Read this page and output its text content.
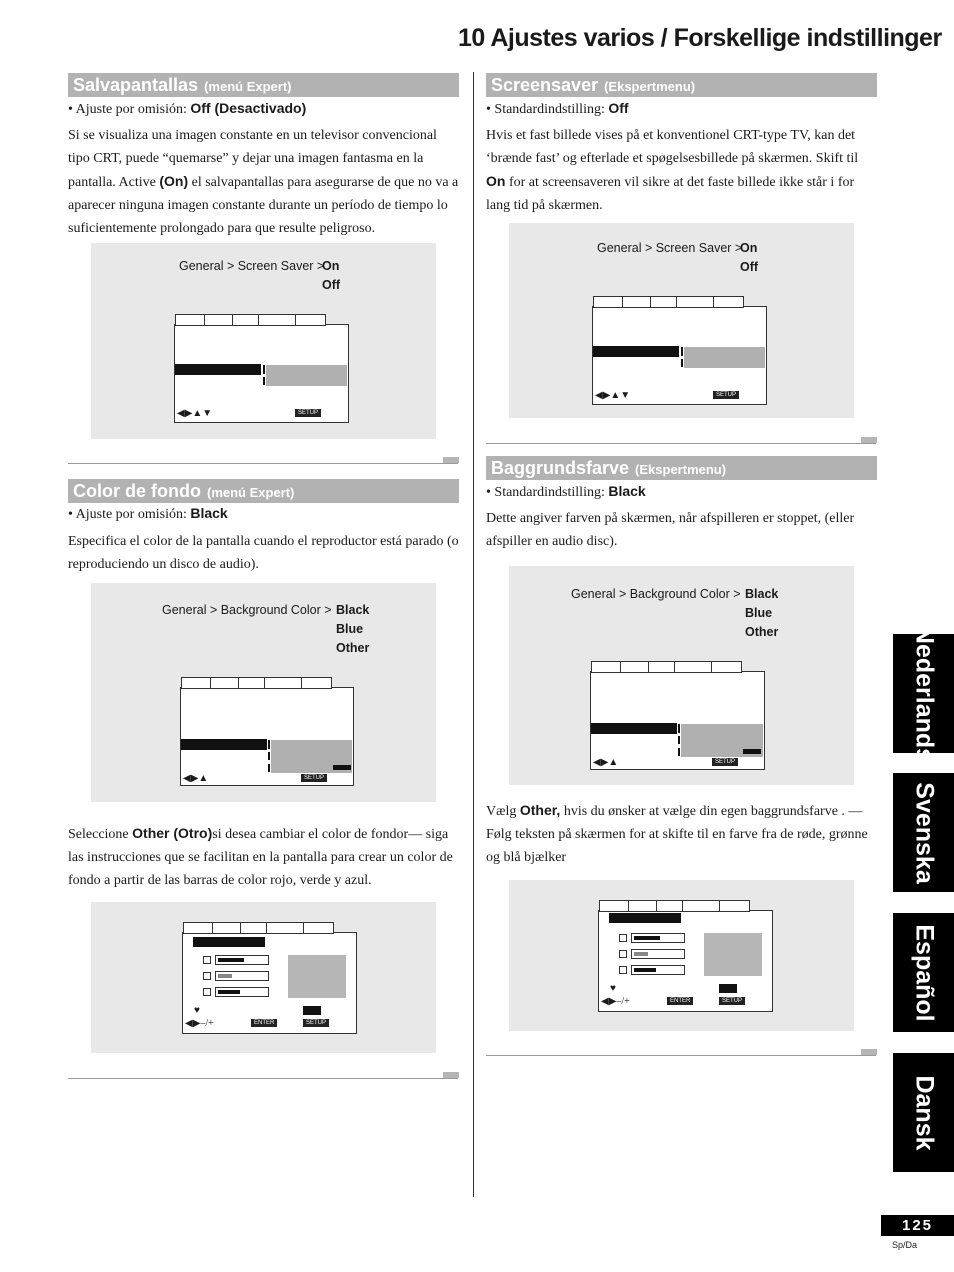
10 Ajustes varios / Forskellige indstillinger
Salvapantallas (menú Expert)
• Ajuste por omisión: Off (Desactivado)
Si se visualiza una imagen constante en un televisor convencional tipo CRT, puede “quemarse” y dejar una imagen fantasma en la pantalla. Active (On) el salvapantallas para asegurarse de que no va a aparecer ninguna imagen constante durante un período de tiempo lo suficientemente prolongado para que resulte peligroso.
General > Screen Saver >
On
Off
◀▶▲▼	SETUP
Color de fondo (menú Expert)
• Ajuste por omisión: Black
Especifica el color de la pantalla cuando el reproductor está parado (o reproduciendo un disco de audio).
General > Background Color > Black
Blue
Other
◀▶▲	SETUP
Seleccione Other (Otro)si desea cambiar el color de fondor— siga las instrucciones que se facilitan en la pantalla para crear un color de fondo a partir de las barras de color rojo, verde y azul.
♥
◀▶–/+	ENTER	SETUP
Screensaver (Ekspertmenu)
• Standardindstilling: Off
Hvis et fast billede vises på et konventionel CRT-type TV, kan det ‘brænde fast’ og efterlade et spøgelsesbillede på skærmen. Skift til On for at screensaveren vil sikre at det faste billede ikke står i for lang tid på skærmen.
General > Screen Saver >
On
Off
◀▶▲▼	SETUP
Baggrundsfarve (Ekspertmenu)
• Standardindstilling: Black
Dette angiver farven på skærmen, når afspilleren er stoppet, (eller afspiller en audio disc).
General > Background Color > Black
Blue
Other
◀▶▲	SETUP
Vælg Other, hvis du ønsker at vælge din egen baggrundsfarve . — Følg teksten på skærmen for at skifte til en farve fra de røde, grønne og blå bjælker
♥
◀▶–/+	ENTER	SETUP
Nederlands
Svenska
Español
Dansk
125
Sp/Da
